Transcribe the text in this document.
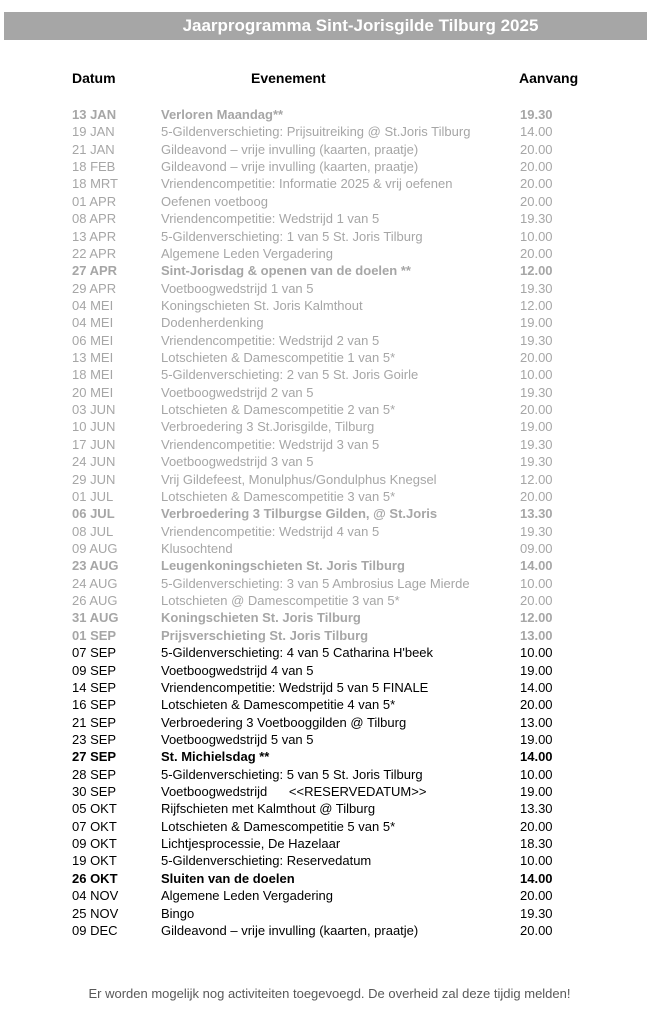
Jaarprogramma Sint-Jorisgilde Tilburg 2025
Datum	Evenement	Aanvang
13 JAN	Verloren Maandag**	19.30
19 JAN	5-Gildenverschieting: Prijsuitreiking @ St.Joris Tilburg	14.00
21 JAN	Gildeavond – vrije invulling (kaarten, praatje)	20.00
18 FEB	Gildeavond – vrije invulling (kaarten, praatje)	20.00
18 MRT	Vriendencompetitie: Informatie 2025 & vrij oefenen	20.00
01 APR	Oefenen voetboog	20.00
08 APR	Vriendencompetitie: Wedstrijd 1 van 5	19.30
13 APR	5-Gildenverschieting: 1 van 5 St. Joris Tilburg	10.00
22 APR	Algemene Leden Vergadering	20.00
27 APR	Sint-Jorisdag & openen van de doelen **	12.00
29 APR	Voetboogwedstrijd 1 van 5	19.30
04 MEI	Koningschieten St. Joris Kalmthout	12.00
04 MEI	Dodenherdenking	19.00
06 MEI	Vriendencompetitie: Wedstrijd 2 van 5	19.30
13 MEI	Lotschieten & Damescompetitie 1 van 5*	20.00
18 MEI	5-Gildenverschieting: 2 van 5 St. Joris Goirle	10.00
20 MEI	Voetboogwedstrijd 2 van 5	19.30
03 JUN	Lotschieten & Damescompetitie 2 van 5*	20.00
10 JUN	Verbroedering 3 St.Jorisgilde, Tilburg	19.00
17 JUN	Vriendencompetitie: Wedstrijd 3 van 5	19.30
24 JUN	Voetboogwedstrijd 3 van 5	19.30
29 JUN	Vrij Gildefeest, Monulphus/Gondulphus Knegsel	12.00
01 JUL	Lotschieten & Damescompetitie 3 van 5*	20.00
06 JUL	Verbroedering 3 Tilburgse Gilden, @ St.Joris	13.30
08 JUL	Vriendencompetitie: Wedstrijd 4 van 5	19.30
09 AUG	Klusochtend	09.00
23 AUG	Leugenkoningschieten St. Joris Tilburg	14.00
24 AUG	5-Gildenverschieting: 3 van 5 Ambrosius Lage Mierde	10.00
26 AUG	Lotschieten @ Damescompetitie 3 van 5*	20.00
31 AUG	Koningschieten St. Joris Tilburg	12.00
01 SEP	Prijsverschieting St. Joris Tilburg	13.00
07 SEP	5-Gildenverschieting: 4 van 5 Catharina H'beek	10.00
09 SEP	Voetboogwedstrijd 4 van 5	19.00
14 SEP	Vriendencompetitie: Wedstrijd 5 van 5 FINALE	14.00
16 SEP	Lotschieten & Damescompetitie 4 van 5*	20.00
21 SEP	Verbroedering 3 Voetbooggilden @ Tilburg	13.00
23 SEP	Voetboogwedstrijd 5 van 5	19.00
27 SEP	St. Michielsdag **	14.00
28 SEP	5-Gildenverschieting: 5 van 5 St. Joris Tilburg	10.00
30 SEP	Voetboogwedstrijd      <<RESERVEDATUM>>	19.00
05 OKT	Rijfschieten met Kalmthout @ Tilburg	13.30
07 OKT	Lotschieten & Damescompetitie 5 van 5*	20.00
09 OKT	Lichtjesprocessie, De Hazelaar	18.30
19 OKT	5-Gildenverschieting: Reservedatum	10.00
26 OKT	Sluiten van de doelen	14.00
04 NOV	Algemene Leden Vergadering	20.00
25 NOV	Bingo	19.30
09 DEC	Gildeavond – vrije invulling (kaarten, praatje)	20.00
Er worden mogelijk nog activiteiten toegevoegd. De overheid zal deze tijdig melden!
